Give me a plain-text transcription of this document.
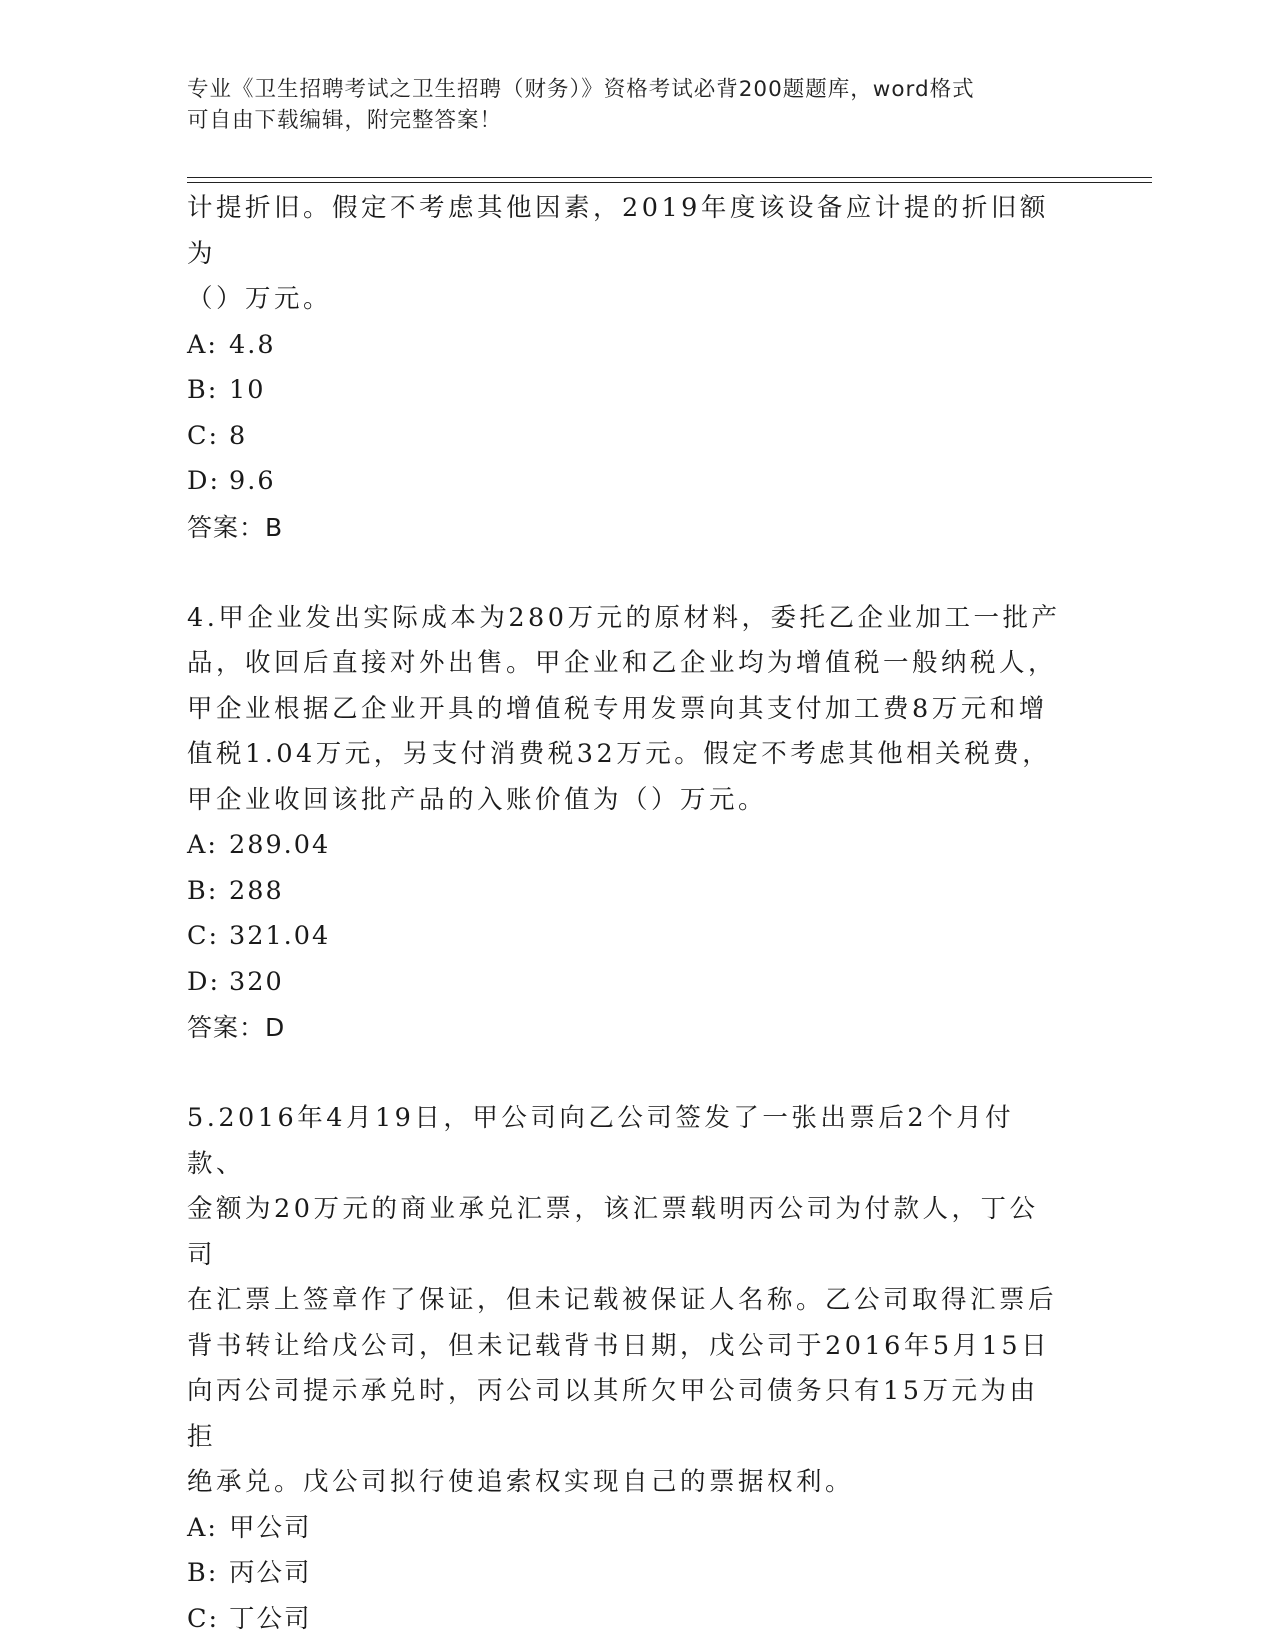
专业《卫生招聘考试之卫生招聘（财务）》资格考试必背200题题库，word格式
可自由下载编辑，附完整答案！

计提折旧。假定不考虑其他因素，2019年度该设备应计提的折旧额为

（）万元。

A: 4.8

B: 10

C: 8

D: 9.6

答案：B

4.甲企业发出实际成本为280万元的原材料，委托乙企业加工一批产

品，收回后直接对外出售。甲企业和乙企业均为增值税一般纳税人，

甲企业根据乙企业开具的增值税专用发票向其支付加工费8万元和增

值税1.04万元，另支付消费税32万元。假定不考虑其他相关税费，

甲企业收回该批产品的入账价值为（）万元。

A: 289.04

B: 288

C: 321.04

D: 320

答案：D

5.2016年4月19日，甲公司向乙公司签发了一张出票后2个月付款、

金额为20万元的商业承兑汇票，该汇票载明丙公司为付款人，丁公司

在汇票上签章作了保证，但未记载被保证人名称。乙公司取得汇票后

背书转让给戊公司，但未记载背书日期，戊公司于2016年5月15日

向丙公司提示承兑时，丙公司以其所欠甲公司债务只有15万元为由拒

绝承兑。戊公司拟行使追索权实现自己的票据权利。

A: 甲公司

B: 丙公司

C: 丁公司
